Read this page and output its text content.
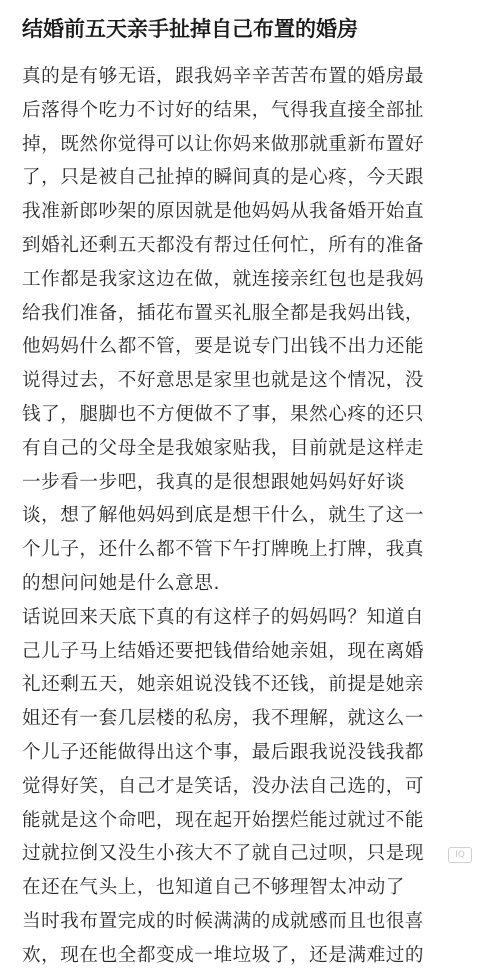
结婚前五天亲手扯掉自己布置的婚房
真的是有够无语，跟我妈辛辛苦苦布置的婚房最
后落得个吃力不讨好的结果，气得我直接全部扯
掉，既然你觉得可以让你妈来做那就重新布置好
了，只是被自己扯掉的瞬间真的是心疼，今天跟
我准新郎吵架的原因就是他妈妈从我备婚开始直
到婚礼还剩五天都没有帮过任何忙，所有的准备
工作都是我家这边在做，就连接亲红包也是我妈
给我们准备，插花布置买礼服全都是我妈出钱，
他妈妈什么都不管，要是说专门出钱不出力还能
说得过去，不好意思是家里也就是这个情况，没
钱了，腿脚也不方便做不了事，果然心疼的还只
有自己的父母全是我娘家贴我，目前就是这样走
一步看一步吧，我真的是很想跟她妈妈好好谈
谈，想了解他妈妈到底是想干什么，就生了这一
个儿子，还什么都不管下午打牌晚上打牌，我真
的想问问她是什么意思.
话说回来天底下真的有这样子的妈妈吗？知道自
己儿子马上结婚还要把钱借给她亲姐，现在离婚
礼还剩五天，她亲姐说没钱不还钱，前提是她亲
姐还有一套几层楼的私房，我不理解，就这么一
个儿子还能做得出这个事，最后跟我说没钱我都
觉得好笑，自己才是笑话，没办法自己选的，可
能就是这个命吧，现在起开始摆烂能过就过不能
过就拉倒又没生小孩大不了就自己过呗，只是现
在还在气头上，也知道自己不够理智太冲动了
当时我布置完成的时候满满的成就感而且也很喜
欢，现在也全都变成一堆垃圾了，还是满难过的
IQ
